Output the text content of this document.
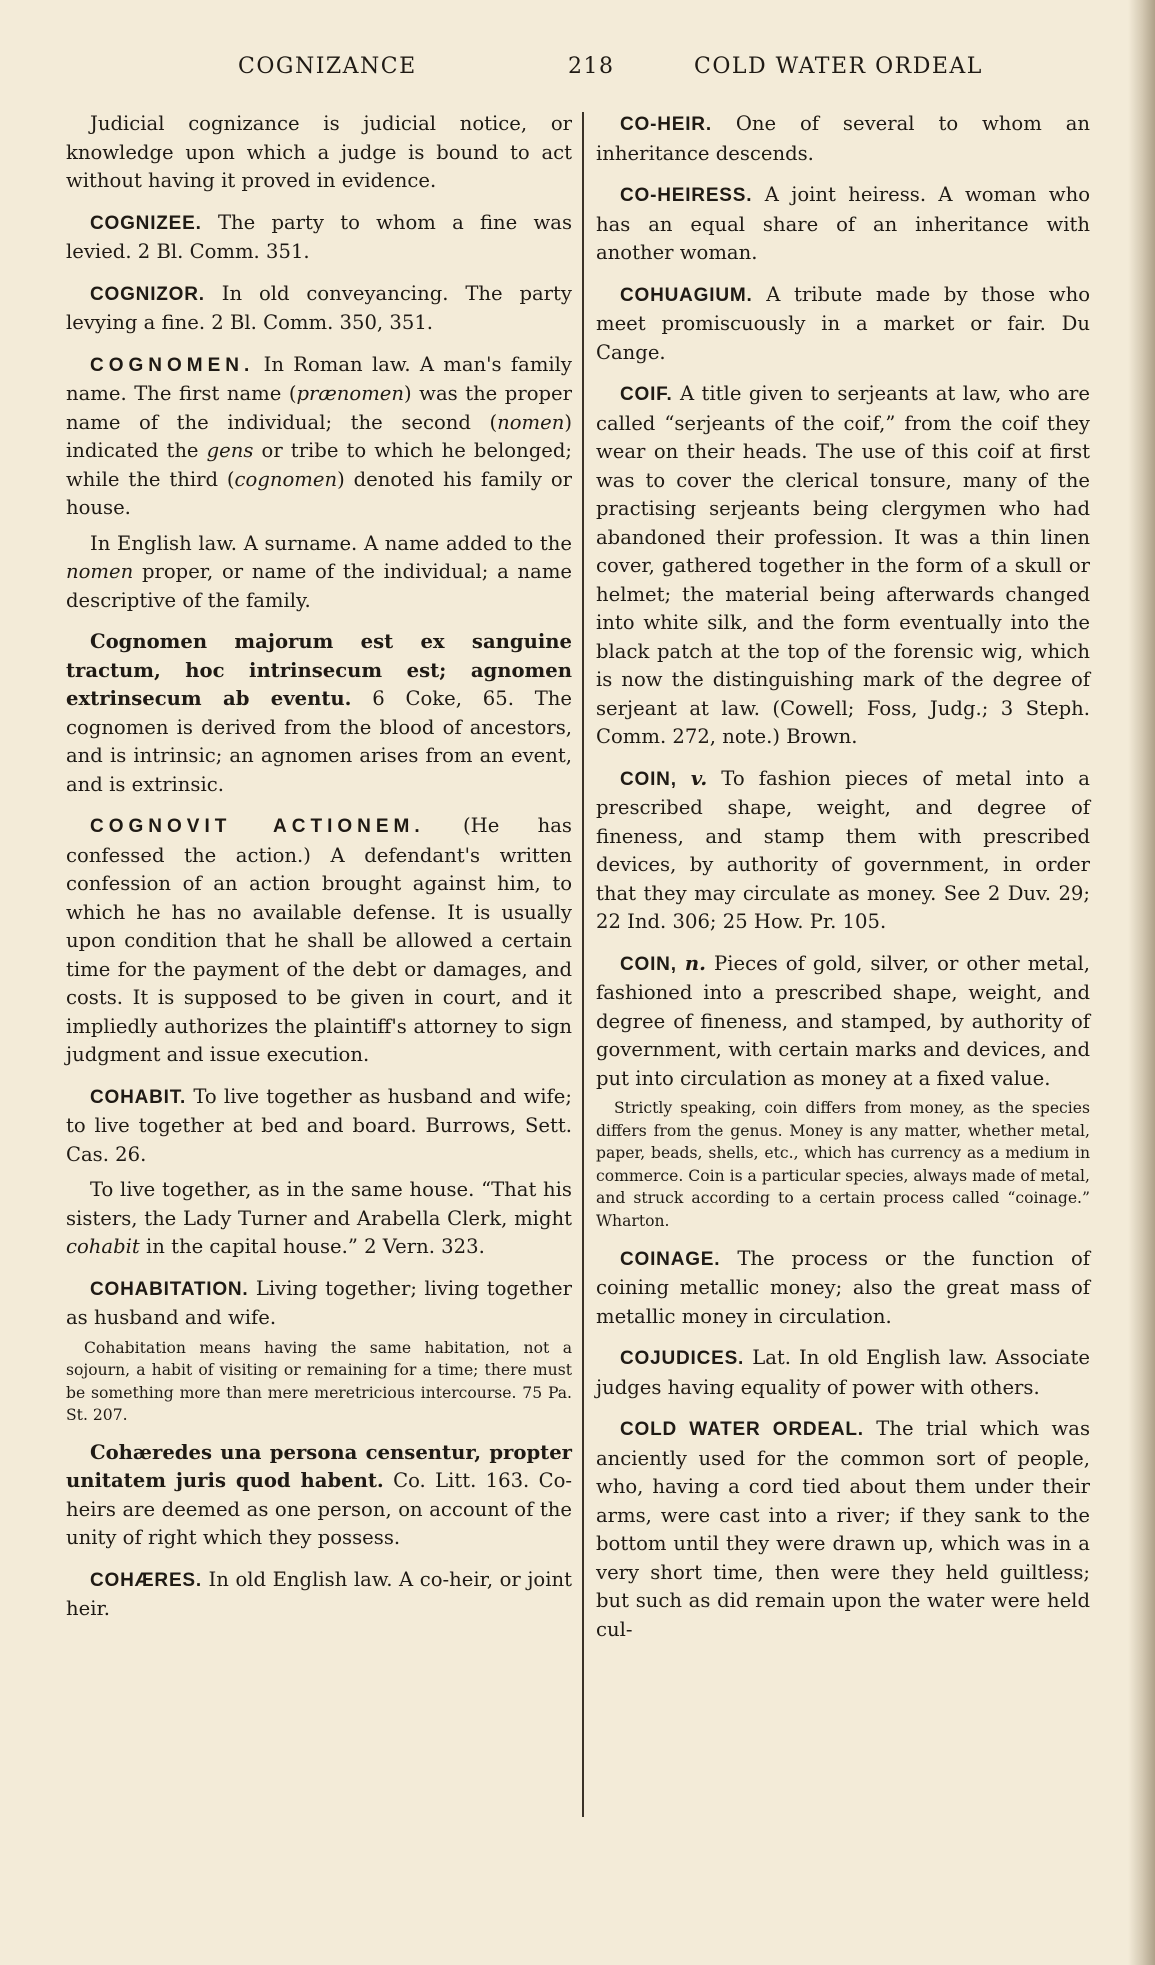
COGNIZANCE	218	COLD WATER ORDEAL

Judicial cognizance is judicial notice, or knowledge upon which a judge is bound to act without having it proved in evidence.

COGNIZEE. The party to whom a fine was levied. 2 Bl. Comm. 351.

COGNIZOR. In old conveyancing. The party levying a fine. 2 Bl. Comm. 350, 351.

COGNOMEN. In Roman law. A man's family name. The first name (prænomen) was the proper name of the individual; the second (nomen) indicated the gens or tribe to which he belonged; while the third (cognomen) denoted his family or house.

In English law. A surname. A name added to the nomen proper, or name of the individual; a name descriptive of the family.

Cognomen majorum est ex sanguine tractum, hoc intrinsecum est; agnomen extrinsecum ab eventu. 6 Coke, 65. The cognomen is derived from the blood of ancestors, and is intrinsic; an agnomen arises from an event, and is extrinsic.

COGNOVIT ACTIONEM. (He has confessed the action.) A defendant's written confession of an action brought against him, to which he has no available defense. It is usually upon condition that he shall be allowed a certain time for the payment of the debt or damages, and costs. It is supposed to be given in court, and it impliedly authorizes the plaintiff's attorney to sign judgment and issue execution.

COHABIT. To live together as husband and wife; to live together at bed and board. Burrows, Sett. Cas. 26.

To live together, as in the same house. “That his sisters, the Lady Turner and Arabella Clerk, might cohabit in the capital house.” 2 Vern. 323.

COHABITATION. Living together; living together as husband and wife.

Cohabitation means having the same habitation, not a sojourn, a habit of visiting or remaining for a time; there must be something more than mere meretricious intercourse. 75 Pa. St. 207.

Cohæredes una persona censentur, propter unitatem juris quod habent. Co. Litt. 163. Co-heirs are deemed as one person, on account of the unity of right which they possess.

COHÆRES. In old English law. A co-heir, or joint heir.

CO-HEIR. One of several to whom an inheritance descends.

CO-HEIRESS. A joint heiress. A woman who has an equal share of an inheritance with another woman.

COHUAGIUM. A tribute made by those who meet promiscuously in a market or fair. Du Cange.

COIF. A title given to serjeants at law, who are called “serjeants of the coif,” from the coif they wear on their heads. The use of this coif at first was to cover the clerical tonsure, many of the practising serjeants being clergymen who had abandoned their profession. It was a thin linen cover, gathered together in the form of a skull or helmet; the material being afterwards changed into white silk, and the form eventually into the black patch at the top of the forensic wig, which is now the distinguishing mark of the degree of serjeant at law. (Cowell; Foss, Judg.; 3 Steph. Comm. 272, note.) Brown.

COIN, v. To fashion pieces of metal into a prescribed shape, weight, and degree of fineness, and stamp them with prescribed devices, by authority of government, in order that they may circulate as money. See 2 Duv. 29; 22 Ind. 306; 25 How. Pr. 105.

COIN, n. Pieces of gold, silver, or other metal, fashioned into a prescribed shape, weight, and degree of fineness, and stamped, by authority of government, with certain marks and devices, and put into circulation as money at a fixed value.

Strictly speaking, coin differs from money, as the species differs from the genus. Money is any matter, whether metal, paper, beads, shells, etc., which has currency as a medium in commerce. Coin is a particular species, always made of metal, and struck according to a certain process called “coinage.” Wharton.

COINAGE. The process or the function of coining metallic money; also the great mass of metallic money in circulation.

COJUDICES. Lat. In old English law. Associate judges having equality of power with others.

COLD WATER ORDEAL. The trial which was anciently used for the common sort of people, who, having a cord tied about them under their arms, were cast into a river; if they sank to the bottom until they were drawn up, which was in a very short time, then were they held guiltless; but such as did remain upon the water were held cul-
